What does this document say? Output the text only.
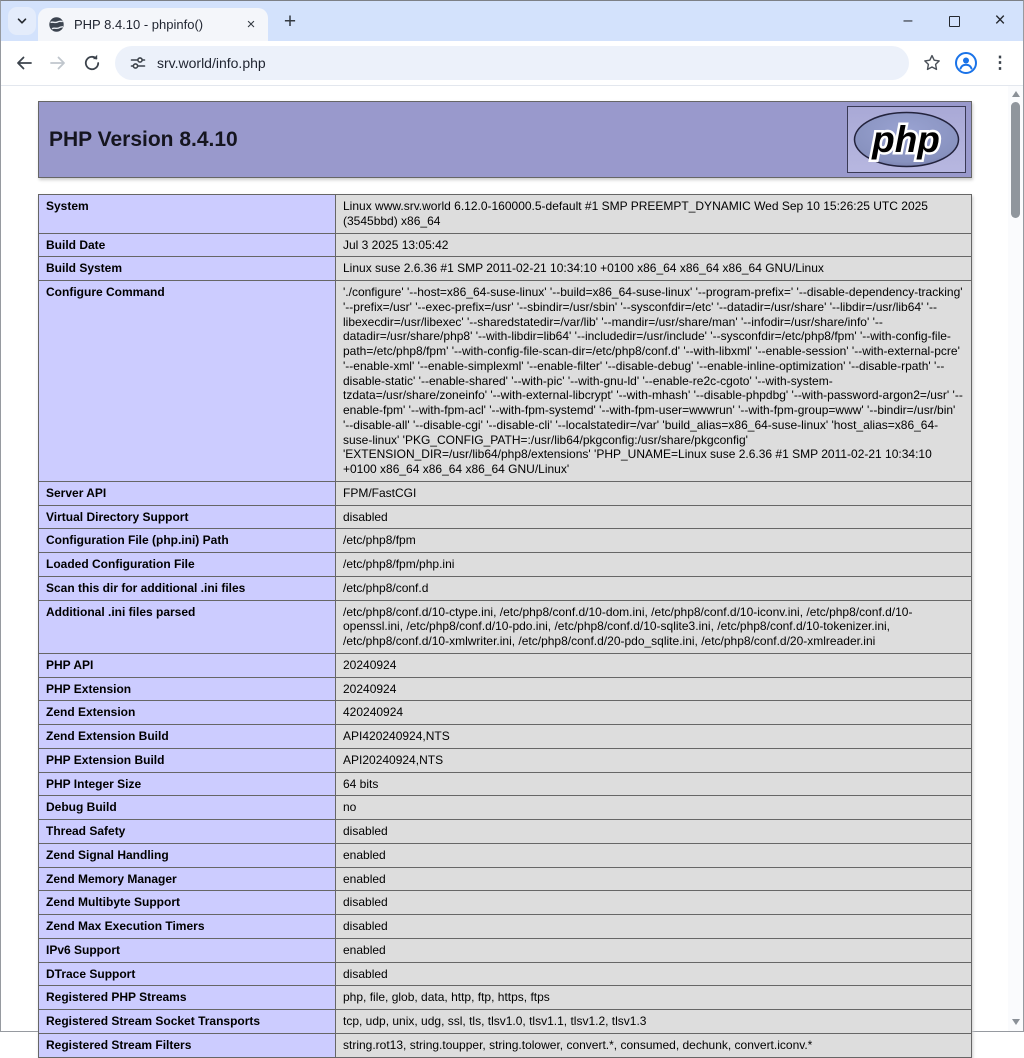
PHP 8.4.10 - phpinfo()	×	+	–	×
srv.world/info.php	⋮
PHP Version 8.4.10	php
System	Linux www.srv.world 6.12.0-160000.5-default #1 SMP PREEMPT_DYNAMIC Wed Sep 10 15:26:25 UTC 2025 (3545bbd) x86_64
Build Date	Jul 3 2025 13:05:42
Build System	Linux suse 2.6.36 #1 SMP 2011-02-21 10:34:10 +0100 x86_64 x86_64 x86_64 GNU/Linux
Configure Command	'./configure' '--host=x86_64-suse-linux' '--build=x86_64-suse-linux' '--program-prefix=' '--disable-dependency-tracking' '--prefix=/usr' '--exec-prefix=/usr' '--sbindir=/usr/sbin' '--sysconfdir=/etc' '--datadir=/usr/share' '--libdir=/usr/lib64' '--libexecdir=/usr/libexec' '--sharedstatedir=/var/lib' '--mandir=/usr/share/man' '--infodir=/usr/share/info' '--datadir=/usr/share/php8' '--with-libdir=lib64' '--includedir=/usr/include' '--sysconfdir=/etc/php8/fpm' '--with-config-file-path=/etc/php8/fpm' '--with-config-file-scan-dir=/etc/php8/conf.d' '--with-libxml' '--enable-session' '--with-external-pcre' '--enable-xml' '--enable-simplexml' '--enable-filter' '--disable-debug' '--enable-inline-optimization' '--disable-rpath' '--disable-static' '--enable-shared' '--with-pic' '--with-gnu-ld' '--enable-re2c-cgoto' '--with-system-tzdata=/usr/share/zoneinfo' '--with-external-libcrypt' '--with-mhash' '--disable-phpdbg' '--with-password-argon2=/usr' '--enable-fpm' '--with-fpm-acl' '--with-fpm-systemd' '--with-fpm-user=wwwrun' '--with-fpm-group=www' '--bindir=/usr/bin' '--disable-all' '--disable-cgi' '--disable-cli' '--localstatedir=/var' 'build_alias=x86_64-suse-linux' 'host_alias=x86_64-suse-linux' 'PKG_CONFIG_PATH=:/usr/lib64/pkgconfig:/usr/share/pkgconfig' 'EXTENSION_DIR=/usr/lib64/php8/extensions' 'PHP_UNAME=Linux suse 2.6.36 #1 SMP 2011-02-21 10:34:10 +0100 x86_64 x86_64 x86_64 GNU/Linux'
Server API	FPM/FastCGI
Virtual Directory Support	disabled
Configuration File (php.ini) Path	/etc/php8/fpm
Loaded Configuration File	/etc/php8/fpm/php.ini
Scan this dir for additional .ini files	/etc/php8/conf.d
Additional .ini files parsed	/etc/php8/conf.d/10-ctype.ini, /etc/php8/conf.d/10-dom.ini, /etc/php8/conf.d/10-iconv.ini, /etc/php8/conf.d/10-openssl.ini, /etc/php8/conf.d/10-pdo.ini, /etc/php8/conf.d/10-sqlite3.ini, /etc/php8/conf.d/10-tokenizer.ini, /etc/php8/conf.d/10-xmlwriter.ini, /etc/php8/conf.d/20-pdo_sqlite.ini, /etc/php8/conf.d/20-xmlreader.ini
PHP API	20240924
PHP Extension	20240924
Zend Extension	420240924
Zend Extension Build	API420240924,NTS
PHP Extension Build	API20240924,NTS
PHP Integer Size	64 bits
Debug Build	no
Thread Safety	disabled
Zend Signal Handling	enabled
Zend Memory Manager	enabled
Zend Multibyte Support	disabled
Zend Max Execution Timers	disabled
IPv6 Support	enabled
DTrace Support	disabled
Registered PHP Streams	php, file, glob, data, http, ftp, https, ftps
Registered Stream Socket Transports	tcp, udp, unix, udg, ssl, tls, tlsv1.0, tlsv1.1, tlsv1.2, tlsv1.3
Registered Stream Filters	string.rot13, string.toupper, string.tolower, convert.*, consumed, dechunk, convert.iconv.*
